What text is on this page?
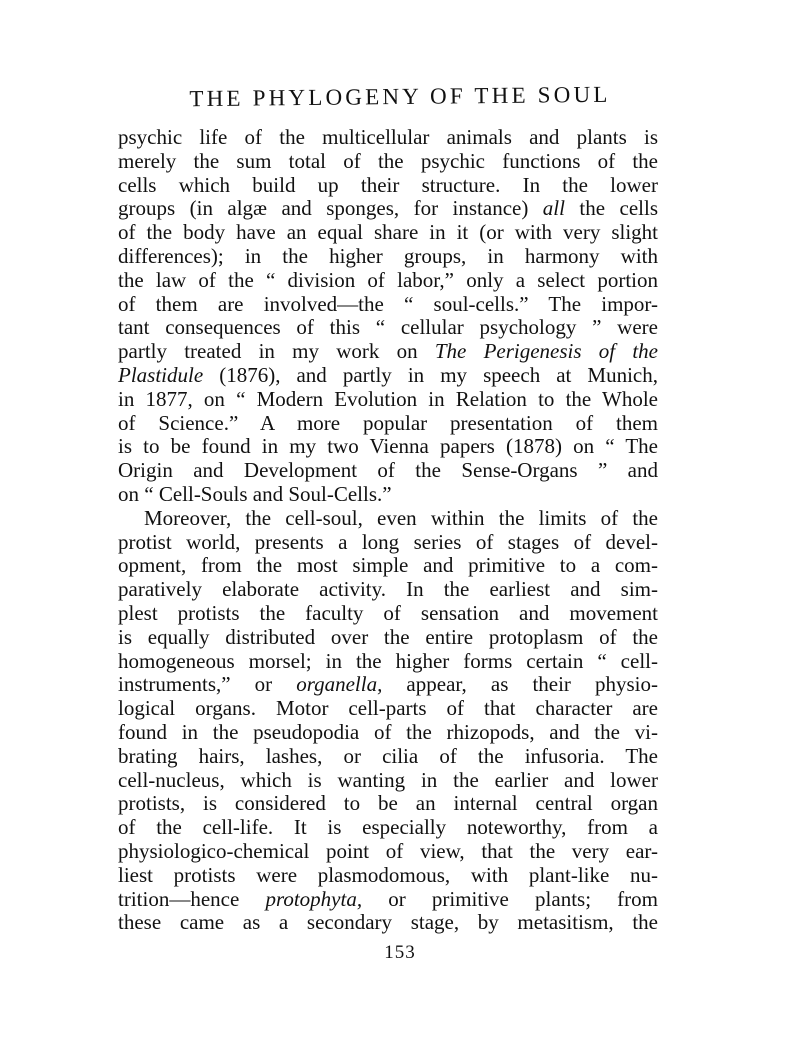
THE PHYLOGENY OF THE SOUL
psychic life of the multicellular animals and plants is
merely the sum total of the psychic functions of the
cells which build up their structure. In the lower
groups (in algæ and sponges, for instance) all the cells
of the body have an equal share in it (or with very slight
differences); in the higher groups, in harmony with
the law of the “ division of labor,” only a select portion
of them are involved—the “ soul-cells.” The impor-
tant consequences of this “ cellular psychology ” were
partly treated in my work on The Perigenesis of the
Plastidule (1876), and partly in my speech at Munich,
in 1877, on “ Modern Evolution in Relation to the Whole
of Science.” A more popular presentation of them
is to be found in my two Vienna papers (1878) on “ The
Origin and Development of the Sense-Organs ” and
on “ Cell-Souls and Soul-Cells.”
Moreover, the cell-soul, even within the limits of the
protist world, presents a long series of stages of devel-
opment, from the most simple and primitive to a com-
paratively elaborate activity. In the earliest and sim-
plest protists the faculty of sensation and movement
is equally distributed over the entire protoplasm of the
homogeneous morsel; in the higher forms certain “ cell-
instruments,” or organella, appear, as their physio-
logical organs. Motor cell-parts of that character are
found in the pseudopodia of the rhizopods, and the vi-
brating hairs, lashes, or cilia of the infusoria. The
cell-nucleus, which is wanting in the earlier and lower
protists, is considered to be an internal central organ
of the cell-life. It is especially noteworthy, from a
physiologico-chemical point of view, that the very ear-
liest protists were plasmodomous, with plant-like nu-
trition—hence protophyta, or primitive plants; from
these came as a secondary stage, by metasitism, the
153
